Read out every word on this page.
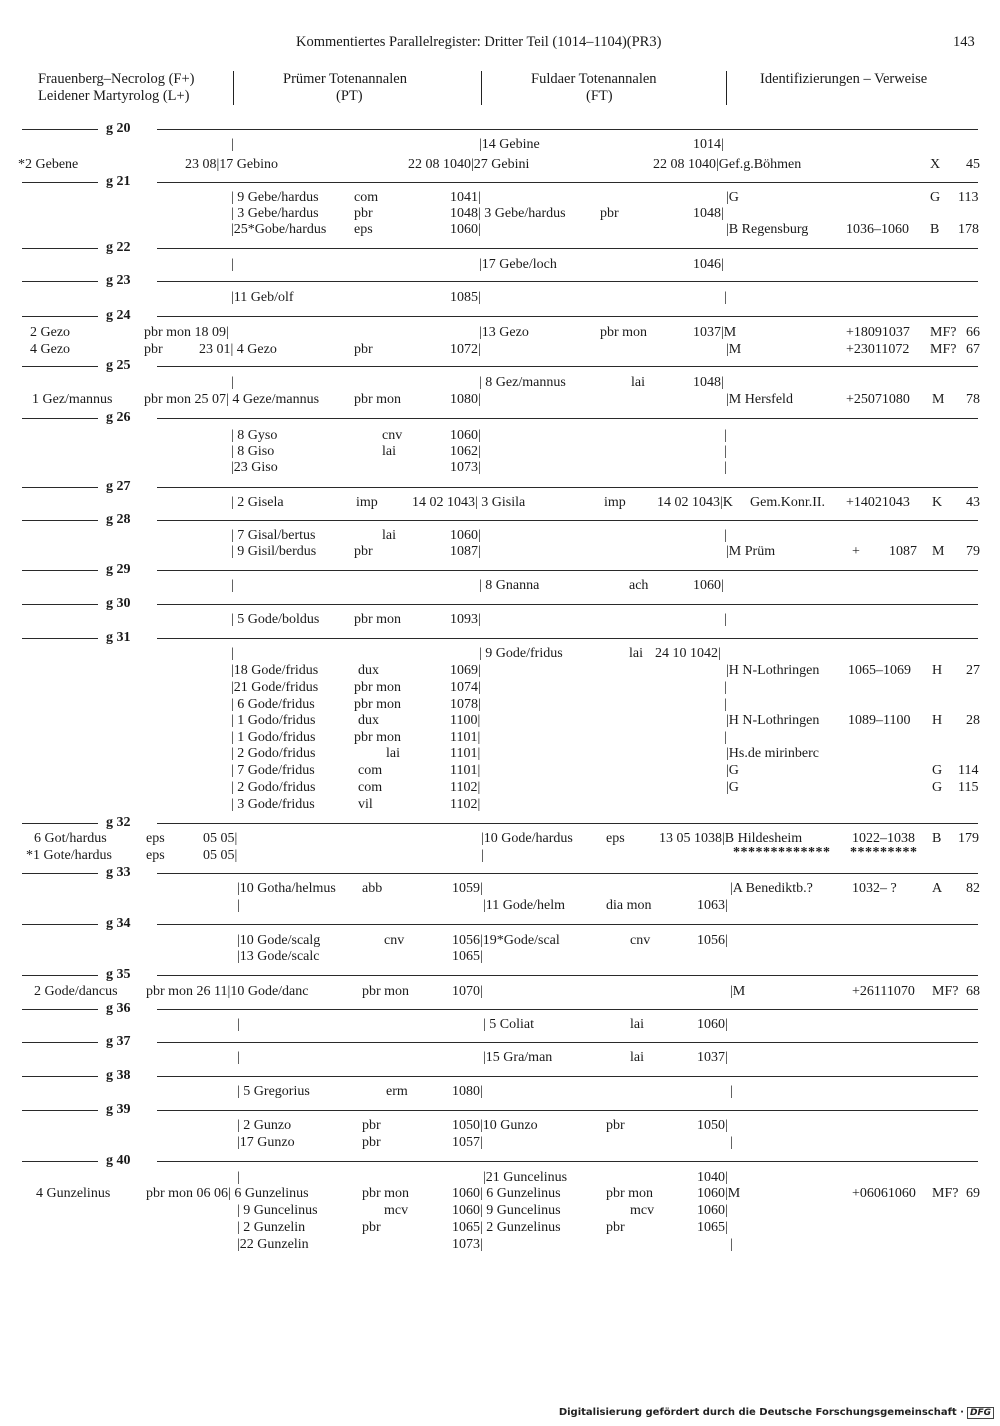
Kommentiertes Parallelregister: Dritter Teil (1014–1104)(PR3)	143
Frauenberg–Necrolog (F+)
Leidener Martyrolog (L+)
Prümer Totenannalen
(PT)
Fuldaer Totenannalen
(FT)
Identifizierungen – Verweise
g 20
g 21
g 22
g 23
g 24
g 25
g 26
g 27
g 28
g 29
g 30
g 31
g 32
g 33
g 34
g 35
g 36
g 37
g 38
g 39
g 40
|	|14 Gebine	1014|
*2 Gebene	23 08|17 Gebino	22 08 1040|27 Gebini	22 08 1040|Gef.g.Böhmen	X 45
| 9 Gebe/hardus	com	1041|	|G	G 113
| 3 Gebe/hardus	pbr	1048| 3 Gebe/hardus pbr	1048|
|25*Gobe/hardus eps	1060|	|B Regensburg	1036–1060 B 178
|	|17 Gebe/loch	1046|
|11 Geb/olf	1085|	|
2 Gezo	pbr mon 18 09|	|13 Gezo	pbr mon	1037|M	+18091037 MF? 66
4 Gezo	pbr	23 01| 4 Gezo	pbr	1072|	|M	+23011072 MF? 67
|	| 8 Gez/mannus	lai	1048|
1 Gez/mannus pbr mon 25 07| 4 Geze/mannus pbr mon	1080|	|M Hersfeld	+25071080 M 78
| 8 Gyso	cnv	1060|	|
| 8 Giso	lai	1062|	|
|23 Giso	1073|	|
| 2 Gisela	imp 14 02 1043| 3 Gisila	imp 14 02 1043|K Gem.Konr.II. +14021043 K 43
| 7 Gisal/bertus	lai	1060|	|
| 9 Gisil/berdus	pbr	1087|	|M Prüm	+ 1087 M 79
|	| 8 Gnanna	ach	1060|
| 5 Gode/boldus pbr mon	1093|	|
|	| 9 Gode/fridus	lai 24 10 1042|
|18 Gode/fridus	dux	1069|	|H N-Lothringen 1065–1069 H 27
|21 Gode/fridus	pbr mon	1074|	|
| 6 Gode/fridus	pbr mon	1078|	|
| 1 Godo/fridus	dux	1100|	|H N-Lothringen 1089–1100 H 28
| 1 Godo/fridus	pbr mon	1101|	|
| 2 Godo/fridus	lai	1101|	|Hs.de mirinberc
| 7 Gode/fridus	com	1101|	|G	G 114
| 2 Godo/fridus	com	1102|	|G	G 115
| 3 Gode/fridus	vil	1102|
6 Got/hardus	eps	05 05|	|10 Gode/hardus eps 13 05 1038|B Hildesheim	1022–1038 B 179
*1 Gote/hardus eps	05 05|	|	************* *********
|10 Gotha/helmus abb	1059|	|A Benediktb.?	1032– ?	A 82
|	|11 Gode/helm	dia mon	1063|
|10 Gode/scalg	cnv	1056|19*Gode/scal	cnv	1056|
|13 Gode/scalc	1065|
2 Gode/dancus pbr mon 26 11|10 Gode/danc	pbr mon	1070|	|M	+26111070 MF? 68
|	| 5 Coliat	lai	1060|
|	|15 Gra/man	lai	1037|
| 5 Gregorius	erm	1080|	|
| 2 Gunzo	pbr	1050|10 Gunzo	pbr	1050|
|17 Gunzo	pbr	1057|	|
|	|21 Guncelinus	1040|
4 Gunzelinus	pbr mon 06 06| 6 Gunzelinus	pbr mon	1060| 6 Gunzelinus	pbr mon	1060|M	+06061060 MF? 69
| 9 Guncelinus	mcv	1060| 9 Guncelinus	mcv	1060|
| 2 Gunzelin	pbr	1065| 2 Gunzelinus	pbr	1065|
|22 Gunzelin	1073|	|
Digitalisierung gefördert durch die Deutsche Forschungsgemeinschaft · DFG
